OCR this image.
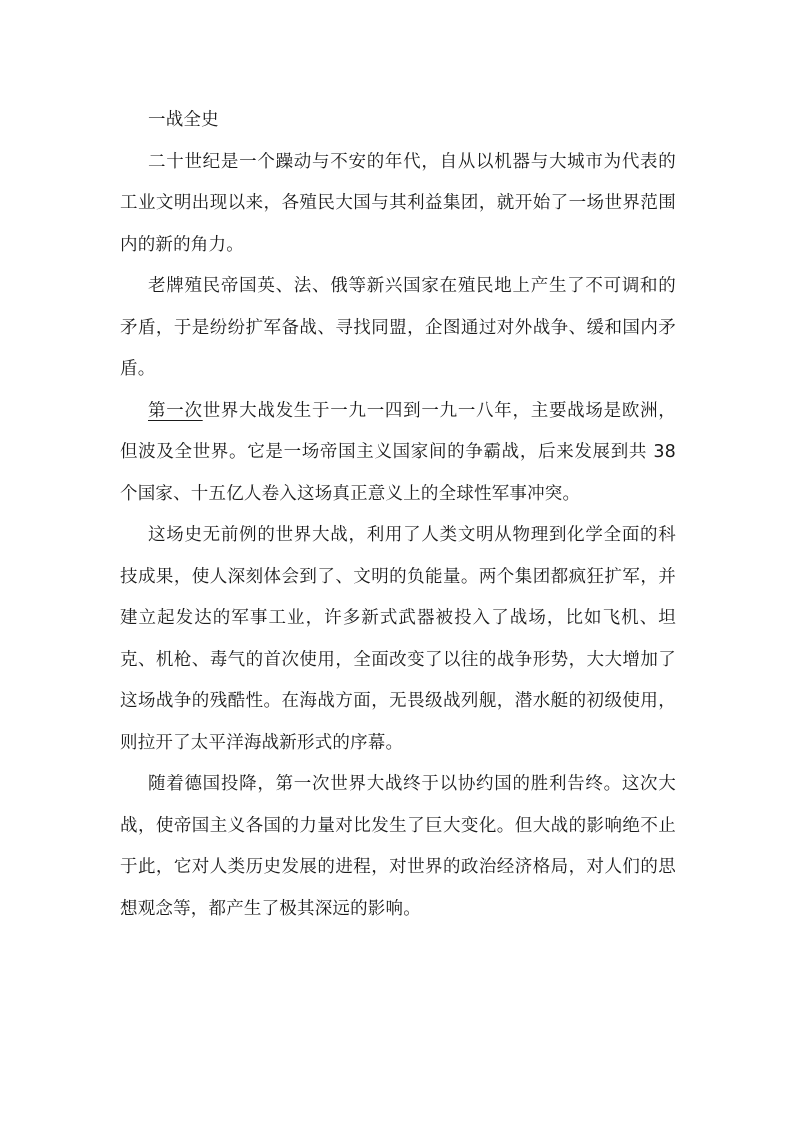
一战全史

二十世纪是一个躁动与不安的年代，自从以机器与大城市为代表的工业文明出现以来，各殖民大国与其利益集团，就开始了一场世界范围内的新的角力。

老牌殖民帝国英、法、俄等新兴国家在殖民地上产生了不可调和的矛盾，于是纷纷扩军备战、寻找同盟，企图通过对外战争、缓和国内矛盾。

第一次世界大战发生于一九一四到一九一八年，主要战场是欧洲，但波及全世界。它是一场帝国主义国家间的争霸战，后来发展到共 38 个国家、十五亿人卷入这场真正意义上的全球性军事冲突。

这场史无前例的世界大战，利用了人类文明从物理到化学全面的科技成果，使人深刻体会到了、文明的负能量。两个集团都疯狂扩军，并建立起发达的军事工业，许多新式武器被投入了战场，比如飞机、坦克、机枪、毒气的首次使用，全面改变了以往的战争形势，大大增加了这场战争的残酷性。在海战方面，无畏级战列舰，潜水艇的初级使用，则拉开了太平洋海战新形式的序幕。

随着德国投降，第一次世界大战终于以协约国的胜利告终。这次大战，使帝国主义各国的力量对比发生了巨大变化。但大战的影响绝不止于此，它对人类历史发展的进程，对世界的政治经济格局，对人们的思想观念等，都产生了极其深远的影响。
